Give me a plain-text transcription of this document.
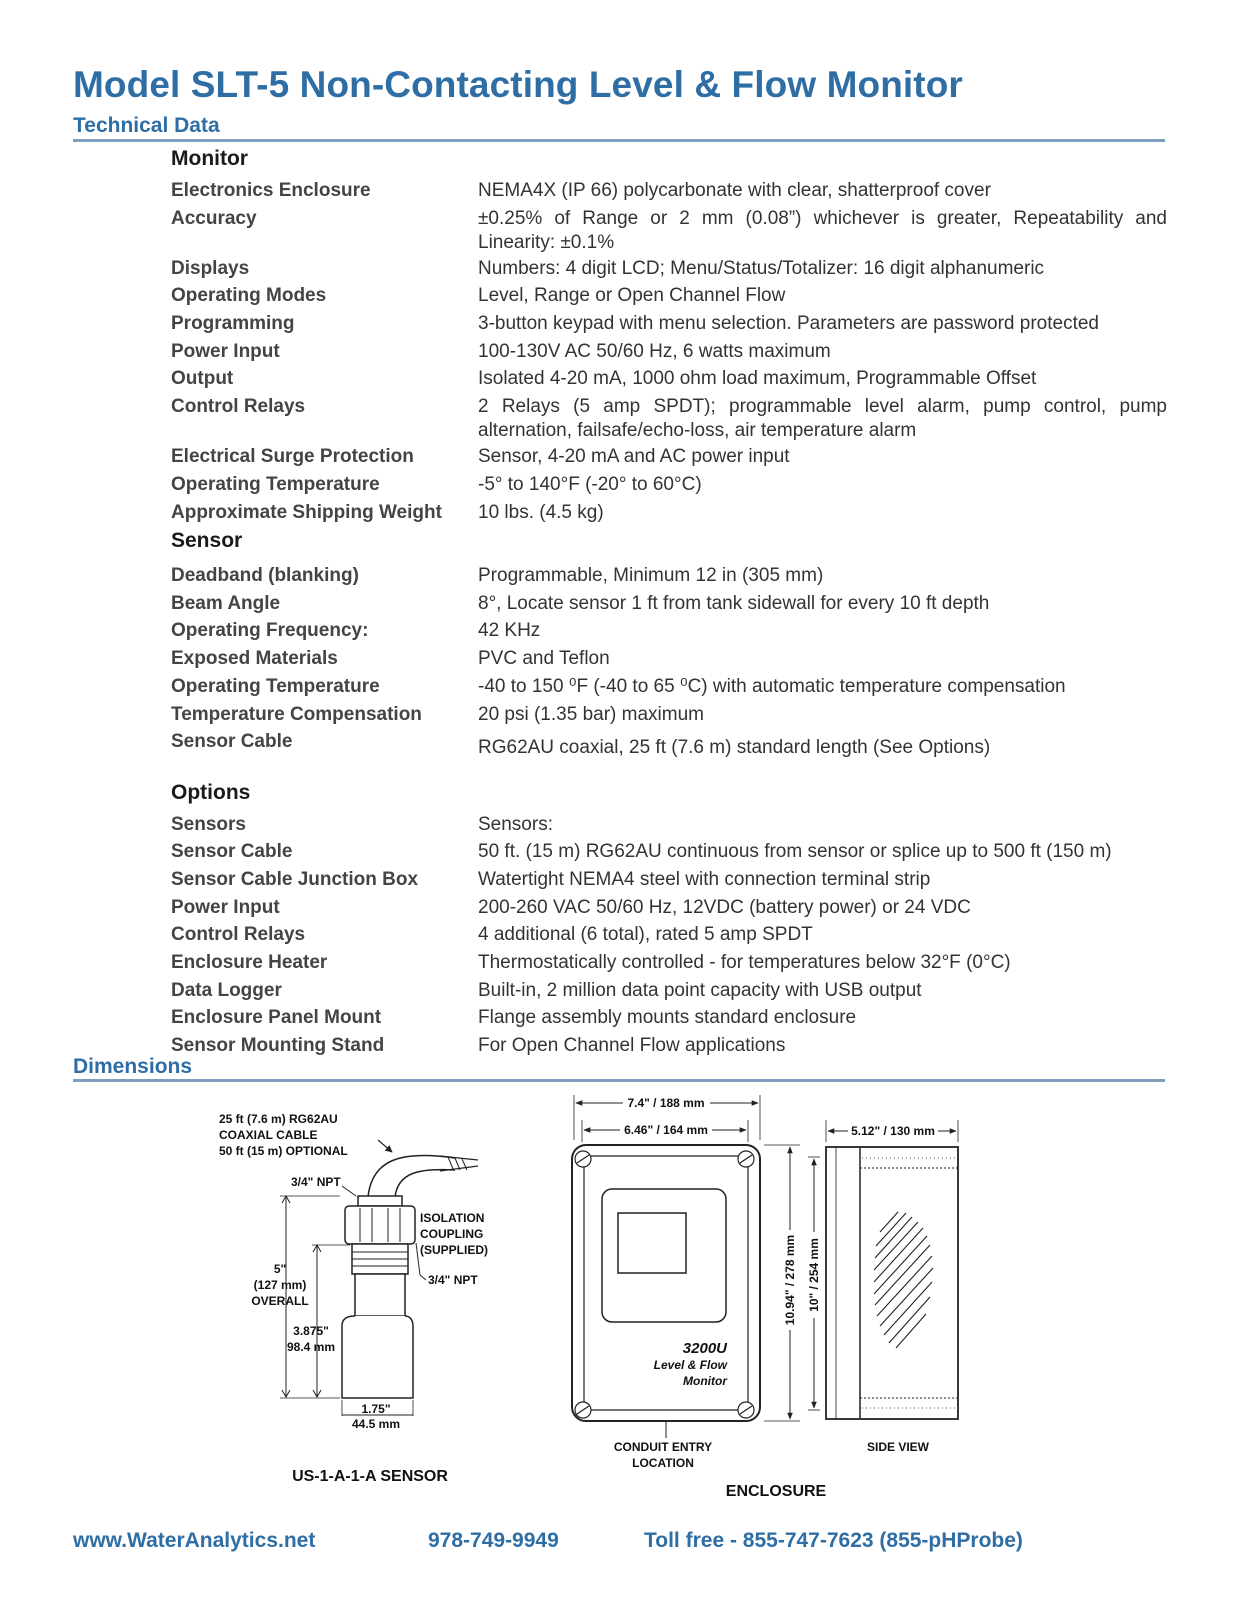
Model SLT-5 Non-Contacting Level & Flow Monitor
Technical Data
Monitor
Electronics Enclosure	NEMA4X (IP 66) polycarbonate with clear, shatterproof cover
Accuracy	±0.25% of Range or 2 mm (0.08”) whichever is greater, Repeatability and Linearity: ±0.1%
Displays	Numbers: 4 digit LCD; Menu/Status/Totalizer: 16 digit alphanumeric
Operating Modes	Level, Range or Open Channel Flow
Programming	3-button keypad with menu selection. Parameters are password protected
Power Input	100-130V AC 50/60 Hz, 6 watts maximum
Output	Isolated 4-20 mA, 1000 ohm load maximum, Programmable Offset
Control Relays	2 Relays (5 amp SPDT); programmable level alarm, pump control, pump alternation, failsafe/echo-loss, air temperature alarm
Electrical Surge Protection	Sensor, 4-20 mA and AC power input
Operating Temperature	-5° to 140°F (-20° to 60°C)
Approximate Shipping Weight 10 lbs. (4.5 kg)
Sensor
Deadband (blanking)	Programmable, Minimum 12 in (305 mm)
Beam Angle	8°, Locate sensor 1 ft from tank sidewall for every 10 ft depth
Operating Frequency:	42 KHz
Exposed Materials	PVC and Teflon
Operating Temperature	-40 to 150 ⁰F (-40 to 65 ⁰C) with automatic temperature compensation
Temperature Compensation	20 psi (1.35 bar) maximum
Sensor Cable	RG62AU coaxial, 25 ft (7.6 m) standard length (See Options)
Options
Sensors	Sensors:
Sensor Cable	50 ft. (15 m) RG62AU continuous from sensor or splice up to 500 ft (150 m)
Sensor Cable Junction Box	Watertight NEMA4 steel with connection terminal strip
Power Input	200-260 VAC 50/60 Hz, 12VDC (battery power) or 24 VDC
Control Relays	4 additional (6 total), rated 5 amp SPDT
Enclosure Heater	Thermostatically controlled - for temperatures below 32°F (0°C)
Data Logger	Built-in, 2 million data point capacity with USB output
Enclosure Panel Mount	Flange assembly mounts standard enclosure
Sensor Mounting Stand	For Open Channel Flow applications
Dimensions
25 ft (7.6 m) RG62AU
COAXIAL CABLE
50 ft (15 m) OPTIONAL
3/4" NPT
ISOLATION
COUPLING
(SUPPLIED)
3/4" NPT
5"
(127 mm)
OVERALL
3.875"
98.4 mm
1.75"
44.5 mm
US-1-A-1-A SENSOR
7.4" / 188 mm
6.46" / 164 mm	5.12" / 130 mm
3200U
Level & Flow
Monitor
10.94" / 278 mm 10" / 254 mm
CONDUIT ENTRY
LOCATION
SIDE VIEW
ENCLOSURE
www.WaterAnalytics.net	978-749-9949	Toll free - 855-747-7623 (855-pHProbe)
